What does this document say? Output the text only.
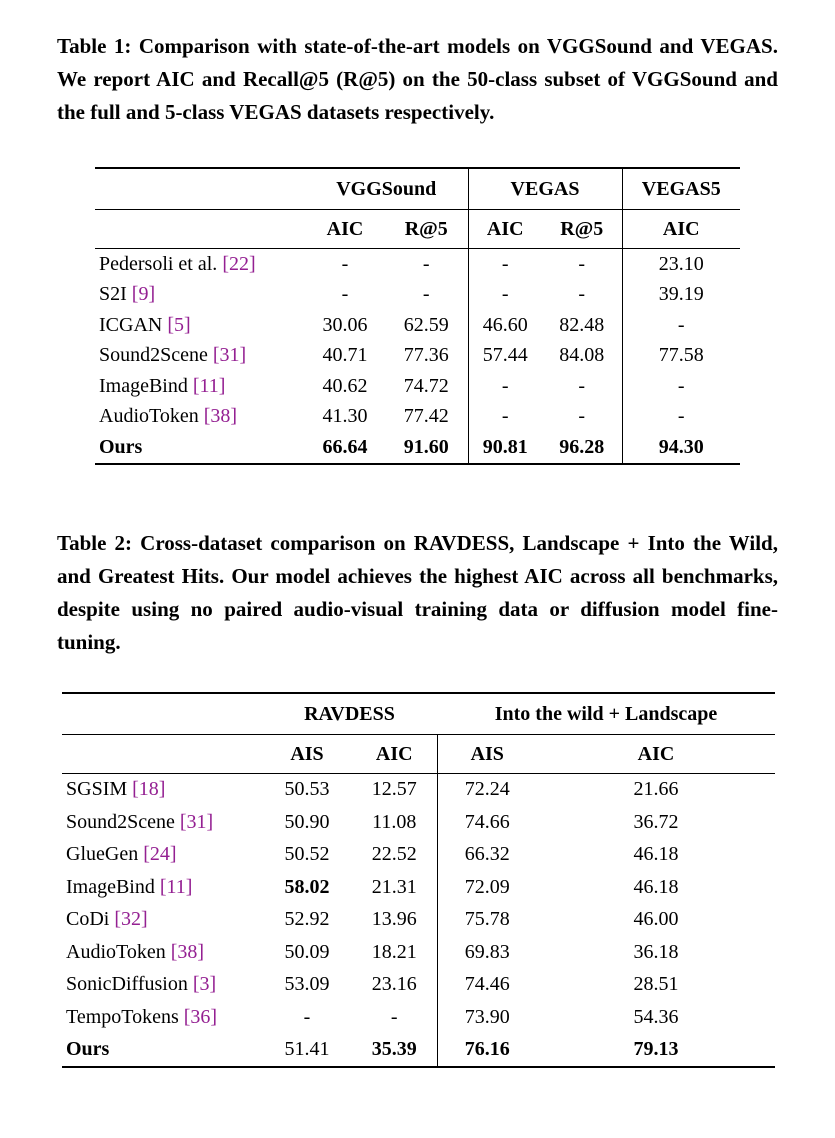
Table 1: Comparison with state-of-the-art models on VGGSound and VEGAS. We report AIC and Recall@5 (R@5) on the 50-class subset of VGGSound and the full and 5-class VEGAS datasets respectively.

	VGGSound		VEGAS		VEGAS5
	AIC	R@5	AIC	R@5	AIC
Pedersoli et al. [22]	-	-	-	-	23.10
S2I [9]	-	-	-	-	39.19
ICGAN [5]	30.06	62.59	46.60	82.48	-
Sound2Scene [31]	40.71	77.36	57.44	84.08	77.58
ImageBind [11]	40.62	74.72	-	-	-
AudioToken [38]	41.30	77.42	-	-	-
Ours	66.64	91.60	90.81	96.28	94.30

Table 2: Cross-dataset comparison on RAVDESS, Landscape + Into the Wild, and Greatest Hits. Our model achieves the highest AIC across all benchmarks, despite using no paired audio-visual training data or diffusion model fine-tuning.

	RAVDESS		Into the wild + Landscape	
	AIS	AIC	AIS	AIC
SGSIM [18]	50.53	12.57	72.24	21.66
Sound2Scene [31]	50.90	11.08	74.66	36.72
GlueGen [24]	50.52	22.52	66.32	46.18
ImageBind [11]	58.02	21.31	72.09	46.18
CoDi [32]	52.92	13.96	75.78	46.00
AudioToken [38]	50.09	18.21	69.83	36.18
SonicDiffusion [3]	53.09	23.16	74.46	28.51
TempoTokens [36]	-	-	73.90	54.36
Ours	51.41	35.39	76.16	79.13
